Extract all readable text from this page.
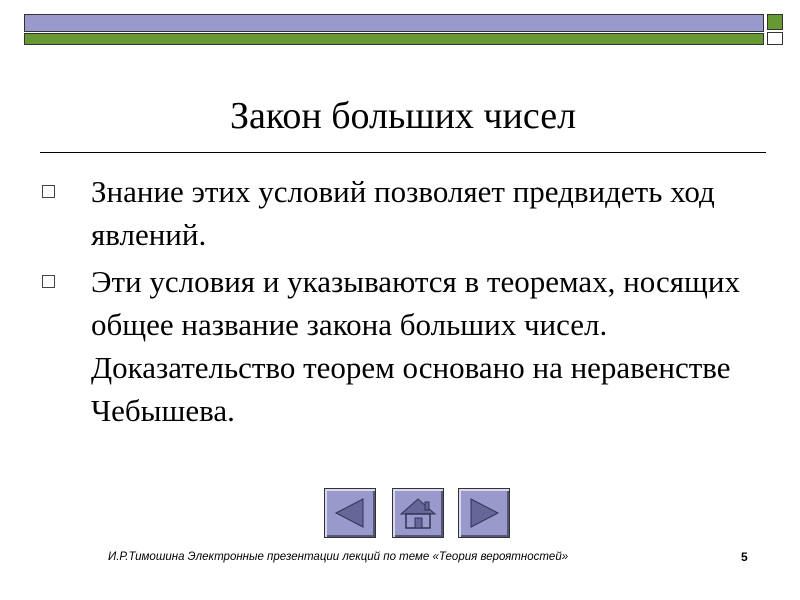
Закон больших чисел
Знание этих условий позволяет предвидеть ход явлений.
Эти условия и указываются в теоремах, носящих общее название закона больших чисел. Доказательство теорем основано на неравенстве Чебышева.
И.Р.Тимошина Электронные презентации лекций по теме «Теория вероятностей»	5
